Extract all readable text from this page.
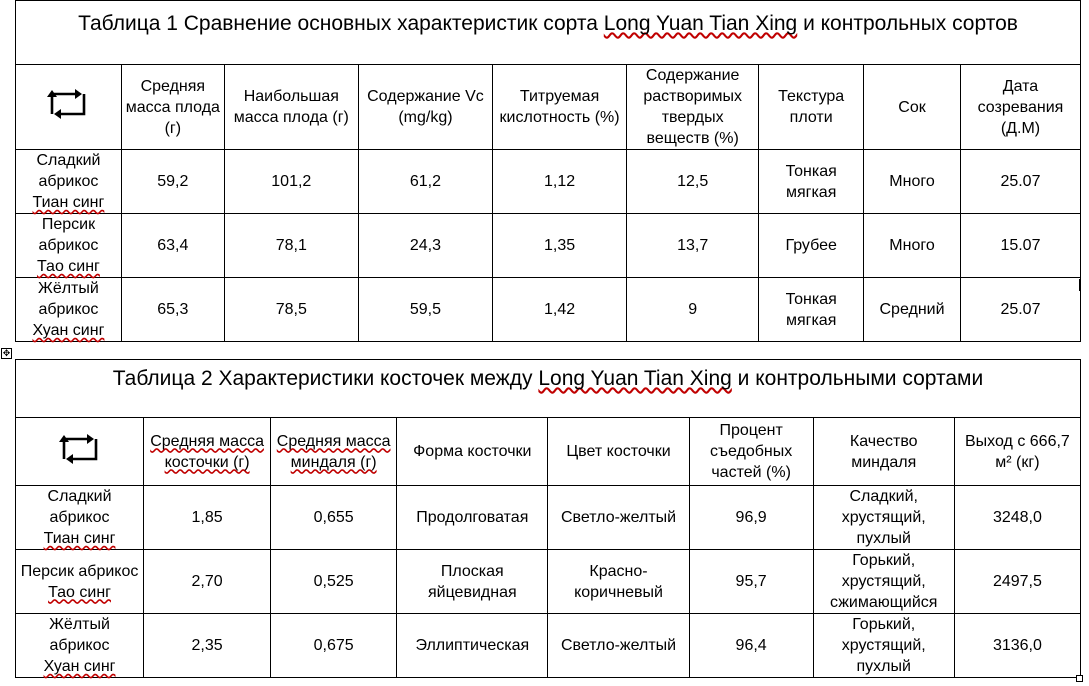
Таблица 1 Сравнение основных характеристик сорта Long Yuan Tian Xing и контрольных сортов								
	Средняя масса плода (г)	Наибольшая масса плода (г)	Содержание Vc (mg/kg)	Титруемая кислотность (%)	Содержание растворимых твердых веществ (%)	Текстура плоти	Сок	Дата созревания (Д.М)
Сладкий абрикос
Тиан синг	59,2	101,2	61,2	1,12	12,5	Тонкая мягкая	Много	25.07
Персик абрикос
Тао синг	63,4	78,1	24,3	1,35	13,7	Грубее	Много	15.07
Жёлтый абрикос
Хуан синг	65,3	78,5	59,5	1,42	9	Тонкая мягкая	Средний	25.07
✥
Таблица 2 Характеристики косточек между Long Yuan Tian Xing и контрольными сортами							
	Средняя масса косточки (г)	Средняя масса миндаля (г)	Форма косточки	Цвет косточки	Процент съедобных частей (%)	Качество миндаля	Выход с 666,7 м² (кг)
Сладкий абрикос
Тиан синг	1,85	0,655	Продолговатая	Светло-желтый	96,9	Сладкий, хрустящий, пухлый	3248,0
Персик абрикос
Тао синг	2,70	0,525	Плоская яйцевидная	Красно-коричневый	95,7	Горький, хрустящий, сжимающийся	2497,5
Жёлтый абрикос
Хуан синг	2,35	0,675	Эллиптическая	Светло-желтый	96,4	Горький, хрустящий, пухлый	3136,0
